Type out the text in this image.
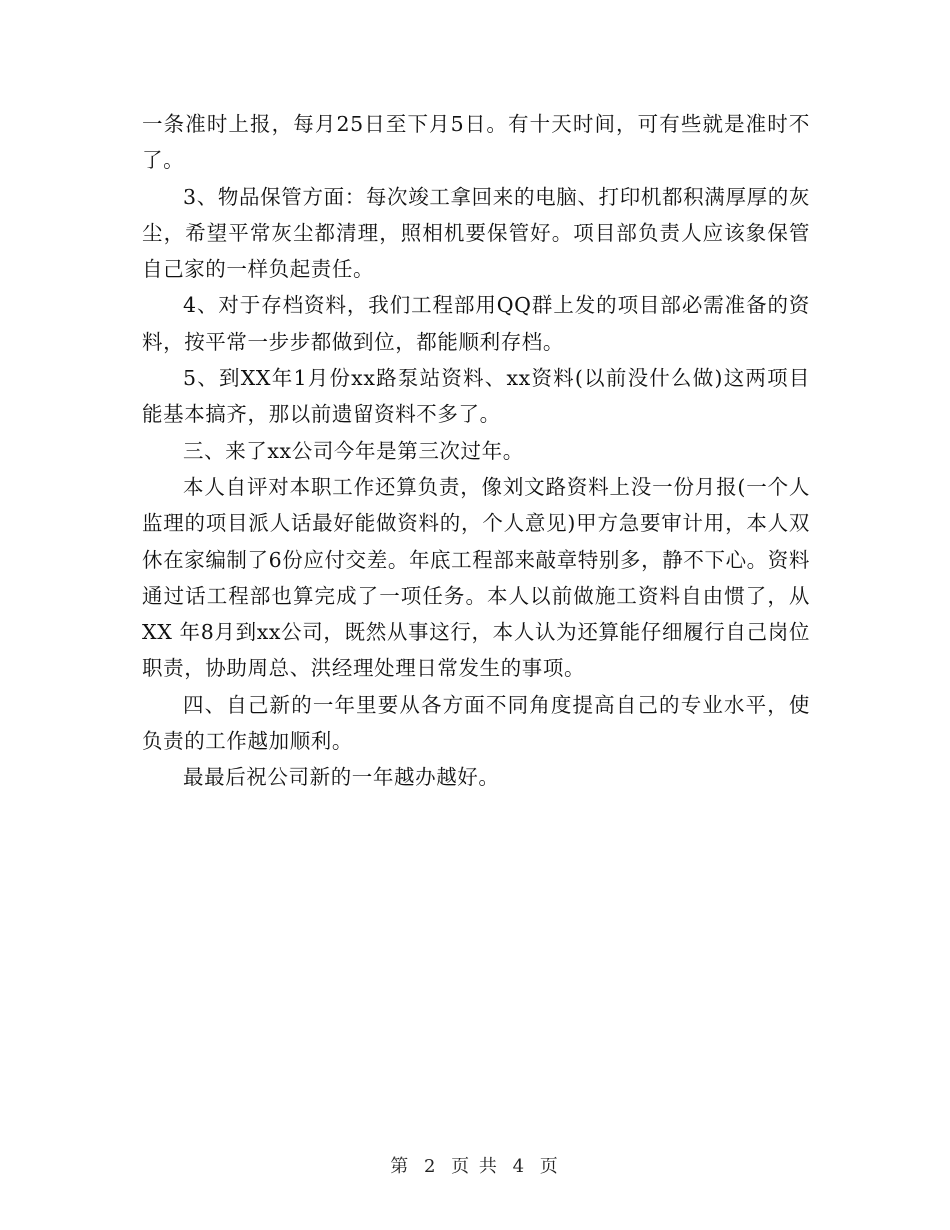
一条准时上报，每月25日至下月5日。有十天时间，可有些就是准时不了。

3、物品保管方面：每次竣工拿回来的电脑、打印机都积满厚厚的灰尘，希望平常灰尘都清理，照相机要保管好。项目部负责人应该象保管自己家的一样负起责任。

4、对于存档资料，我们工程部用QQ群上发的项目部必需准备的资料，按平常一步步都做到位，都能顺利存档。

5、到XX年1月份xx路泵站资料、xx资料(以前没什么做)这两项目能基本搞齐，那以前遗留资料不多了。

三、来了xx公司今年是第三次过年。

本人自评对本职工作还算负责，像刘文路资料上没一份月报(一个人监理的项目派人话最好能做资料的，个人意见)甲方急要审计用，本人双休在家编制了6份应付交差。年底工程部来敲章特别多，静不下心。资料通过话工程部也算完成了一项任务。本人以前做施工资料自由惯了，从XX 年8月到xx公司，既然从事这行，本人认为还算能仔细履行自己岗位职责，协助周总、洪经理处理日常发生的事项。

四、自己新的一年里要从各方面不同角度提高自己的专业水平，使负责的工作越加顺利。

最最后祝公司新的一年越办越好。

第 2 页 共 4 页
